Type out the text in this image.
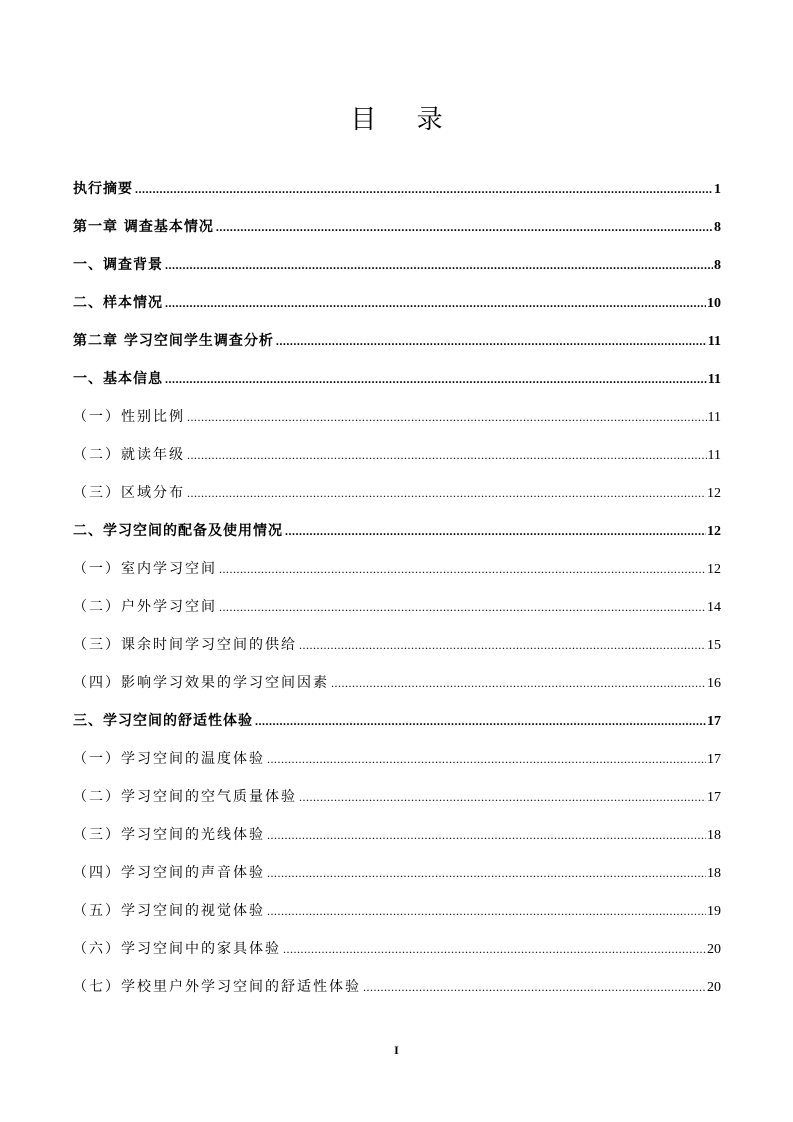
目 录
执行摘要 .....	1
第一章 调查基本情况 .....	8
一、调查背景 .....	8
二、样本情况 .....	10
第二章 学习空间学生调查分析 .....	11
一、基本信息 .....	11
（一）性别比例 .....	11
（二）就读年级 .....	11
（三）区域分布 .....	12
二、学习空间的配备及使用情况 .....	12
（一）室内学习空间 .....	12
（二）户外学习空间 .....	14
（三）课余时间学习空间的供给 .....	15
（四）影响学习效果的学习空间因素 .....	16
三、学习空间的舒适性体验 .....	17
（一）学习空间的温度体验 .....	17
（二）学习空间的空气质量体验 .....	17
（三）学习空间的光线体验 .....	18
（四）学习空间的声音体验 .....	18
（五）学习空间的视觉体验 .....	19
（六）学习空间中的家具体验 .....	20
（七）学校里户外学习空间的舒适性体验 .....	20
I
